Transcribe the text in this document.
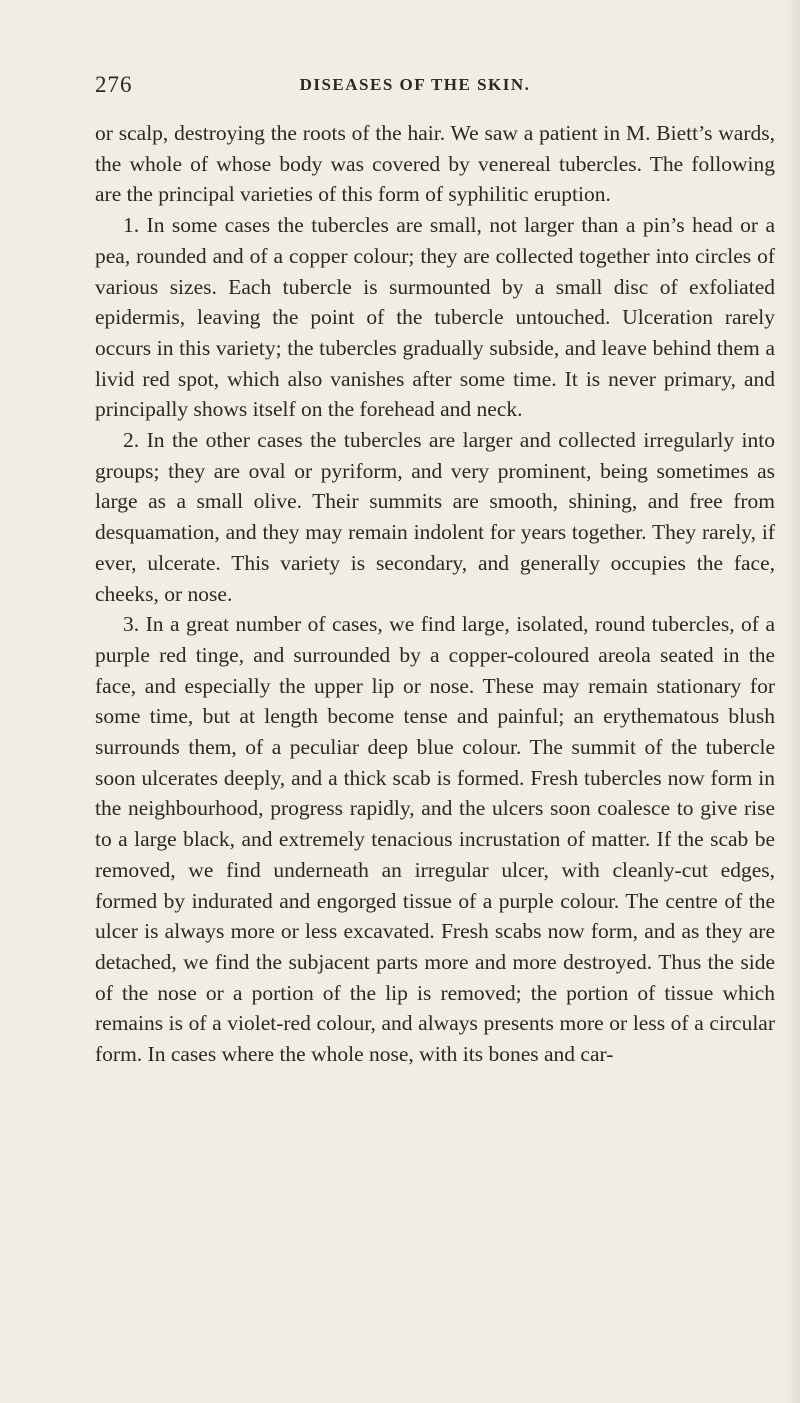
276	DISEASES OF THE SKIN.

or scalp, destroying the roots of the hair. We saw a patient in M. Biett’s wards, the whole of whose body was covered by venereal tubercles. The following are the principal varieties of this form of syphilitic eruption.

1. In some cases the tubercles are small, not larger than a pin’s head or a pea, rounded and of a copper colour; they are collected together into circles of various sizes. Each tubercle is surmounted by a small disc of exfoliated epidermis, leaving the point of the tubercle untouched. Ulceration rarely occurs in this variety; the tubercles gradually subside, and leave behind them a livid red spot, which also vanishes after some time. It is never primary, and principally shows itself on the forehead and neck.

2. In the other cases the tubercles are larger and collected irregularly into groups; they are oval or pyriform, and very prominent, being sometimes as large as a small olive. Their summits are smooth, shining, and free from desquamation, and they may remain indolent for years together. They rarely, if ever, ulcerate. This variety is secondary, and generally occupies the face, cheeks, or nose.

3. In a great number of cases, we find large, isolated, round tubercles, of a purple red tinge, and surrounded by a copper-coloured areola seated in the face, and especially the upper lip or nose. These may remain stationary for some time, but at length become tense and painful; an erythematous blush surrounds them, of a peculiar deep blue colour. The summit of the tubercle soon ulcerates deeply, and a thick scab is formed. Fresh tubercles now form in the neighbourhood, progress rapidly, and the ulcers soon coalesce to give rise to a large black, and extremely tenacious incrustation of matter. If the scab be removed, we find underneath an irregular ulcer, with cleanly-cut edges, formed by indurated and engorged tissue of a purple colour. The centre of the ulcer is always more or less excavated. Fresh scabs now form, and as they are detached, we find the subjacent parts more and more destroyed. Thus the side of the nose or a portion of the lip is removed; the portion of tissue which remains is of a violet-red colour, and always presents more or less of a circular form. In cases where the whole nose, with its bones and car-
